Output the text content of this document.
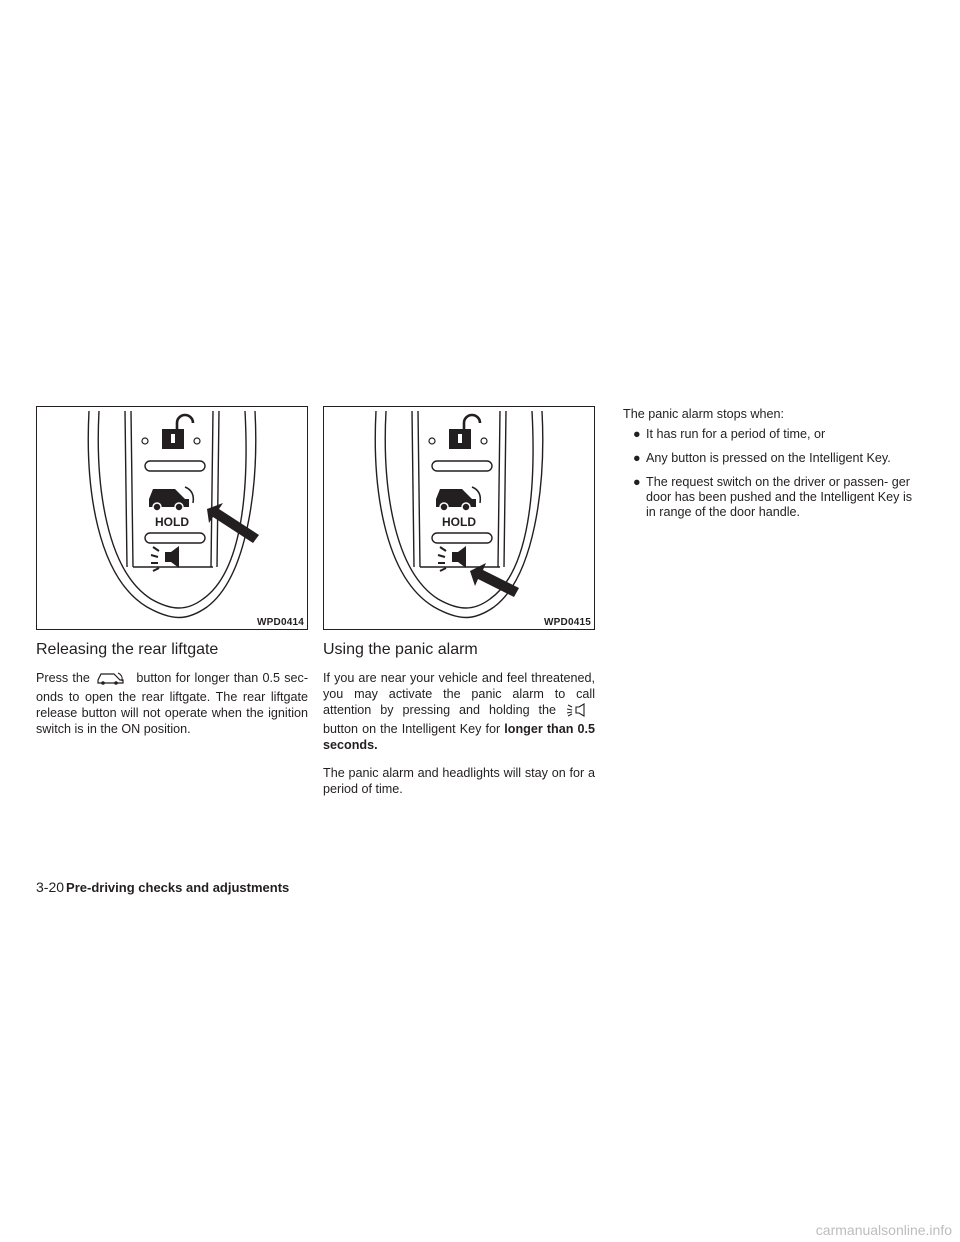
HOLD
WPD0414
Releasing the rear liftgate

Press the	button for longer than 0.5 sec- onds to open the rear liftgate. The rear liftgate release button will not operate when the ignition switch is in the ON position.

HOLD
WPD0415
Using the panic alarm

If you are near your vehicle and feel threatened, you may activate the panic alarm to call attention by pressing and holding the  button on the Intelligent Key for longer than 0.5 seconds.

The panic alarm and headlights will stay on for a period of time.

The panic alarm stops when:

● It has run for a period of time, or
● Any button is pressed on the Intelligent Key.
● The request switch on the driver or passen- ger door has been pushed and the Intelligent Key is in range of the door handle.
3-20 Pre-driving checks and adjustments
carmanualsonline.info
